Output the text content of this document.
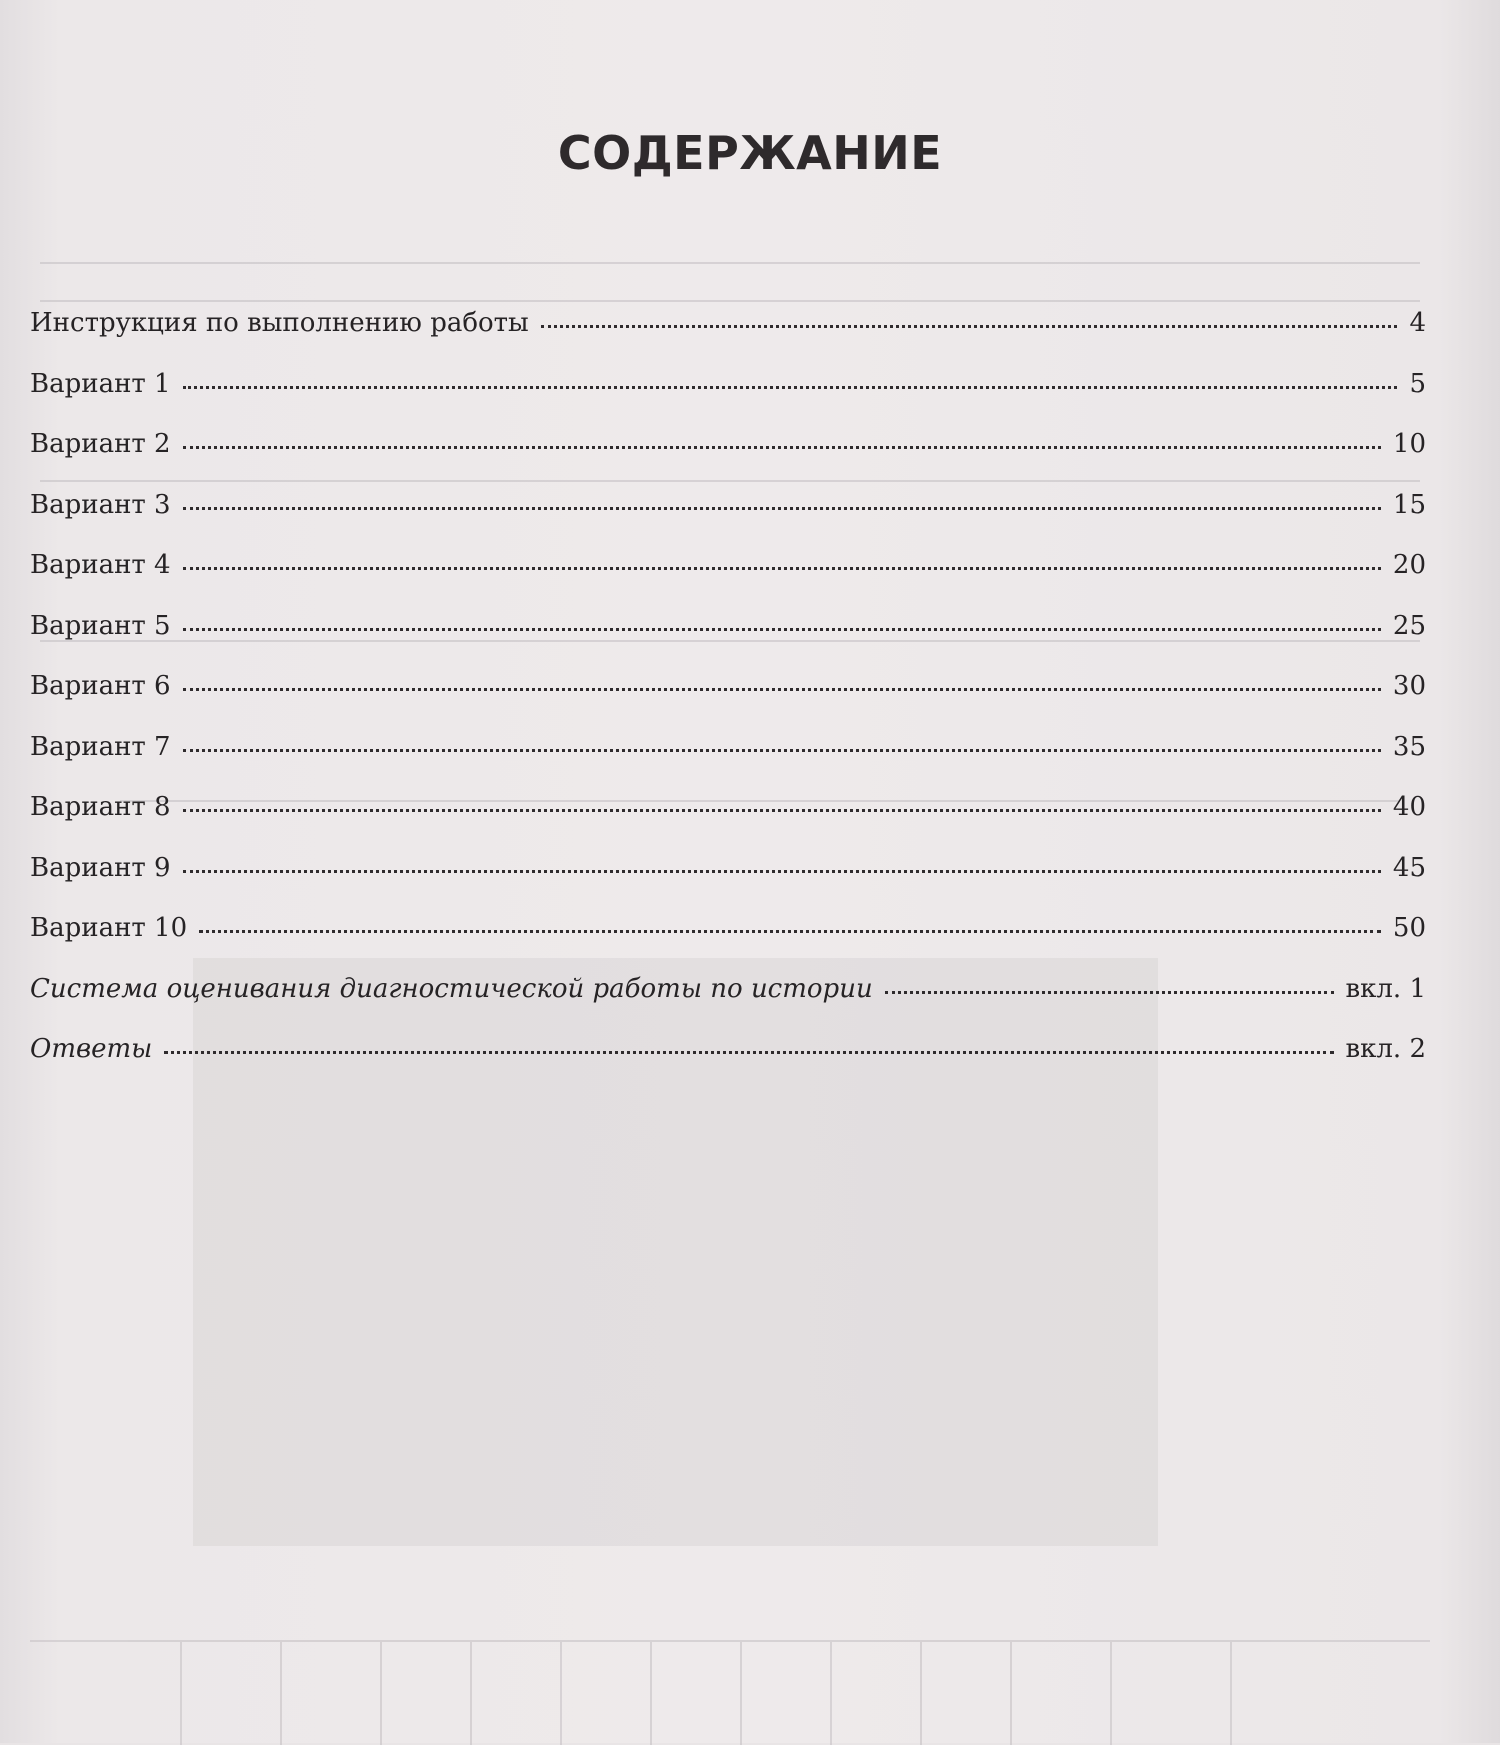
СОДЕРЖАНИЕ
Инструкция по выполнению работы	4
Вариант 1	5
Вариант 2	10
Вариант 3	15
Вариант 4	20
Вариант 5	25
Вариант 6	30
Вариант 7	35
Вариант 8	40
Вариант 9	45
Вариант 10	50
Система оценивания диагностической работы по истории	вкл. 1
Ответы	вкл. 2
